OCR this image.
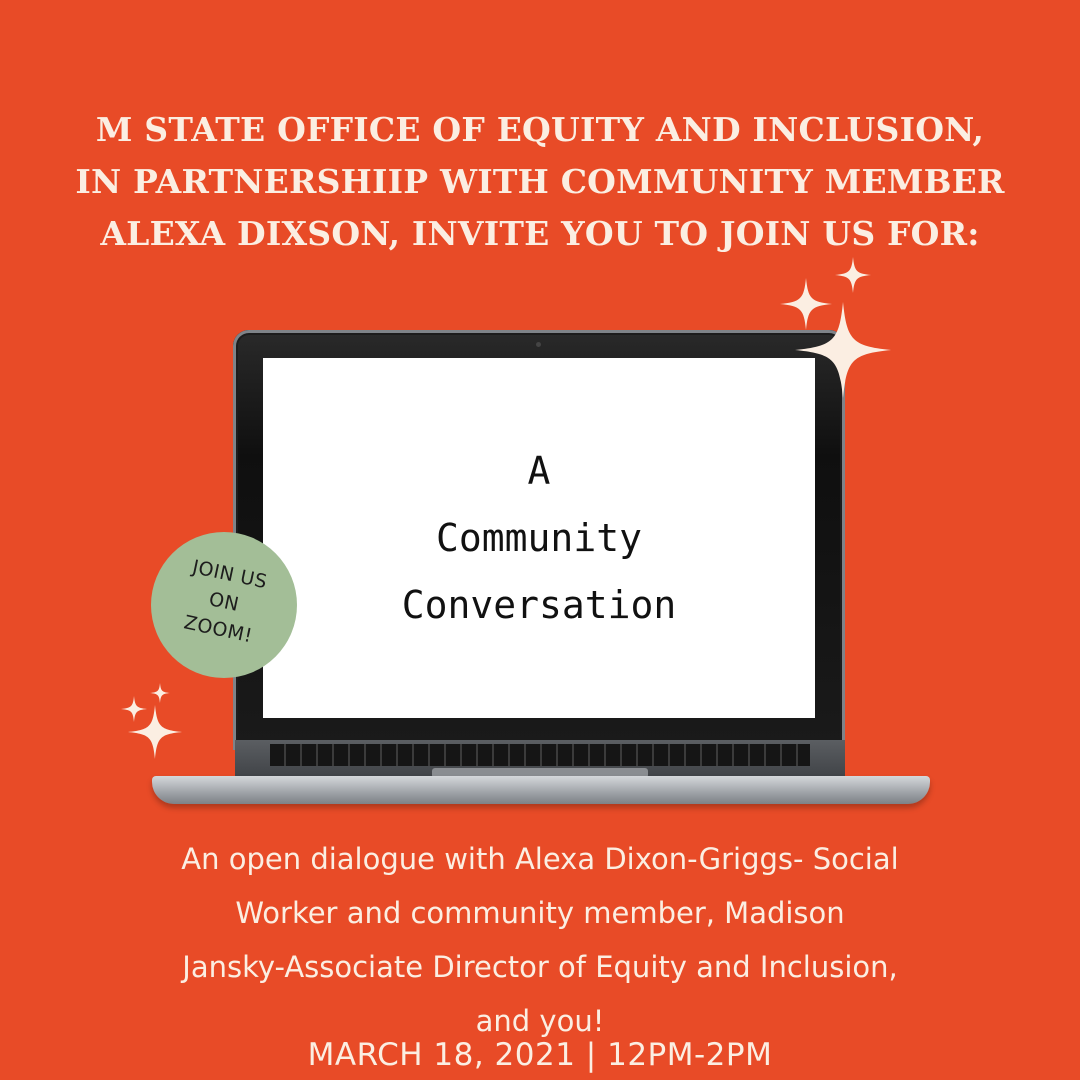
M STATE OFFICE OF EQUITY AND INCLUSION,
IN PARTNERSHIIP WITH COMMUNITY MEMBER
ALEXA DIXSON, INVITE YOU TO JOIN US FOR:
A
Community
Conversation
JOIN US
ON
ZOOM!
An open dialogue with Alexa Dixon-Griggs- Social
Worker and community member, Madison
Jansky-Associate Director of Equity and Inclusion,
and you!
MARCH 18, 2021 | 12PM-2PM
